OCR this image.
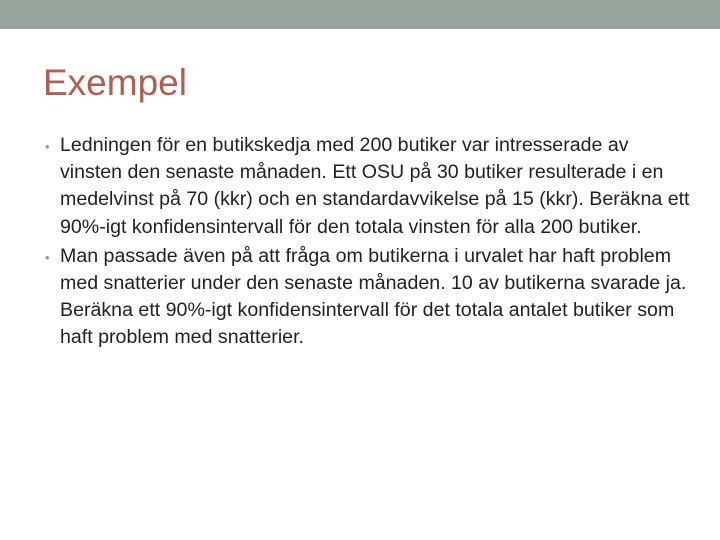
Exempel
• Ledningen för en butikskedja med 200 butiker var intresserade av vinsten den senaste månaden. Ett OSU på 30 butiker resulterade i en medelvinst på 70 (kkr) och en standardavvikelse på 15 (kkr). Beräkna ett 90%-igt konfidensintervall för den totala vinsten för alla 200 butiker.
• Man passade även på att fråga om butikerna i urvalet har haft problem med snatterier under den senaste månaden. 10 av butikerna svarade ja. Beräkna ett 90%-igt konfidensintervall för det totala antalet butiker som haft problem med snatterier.
